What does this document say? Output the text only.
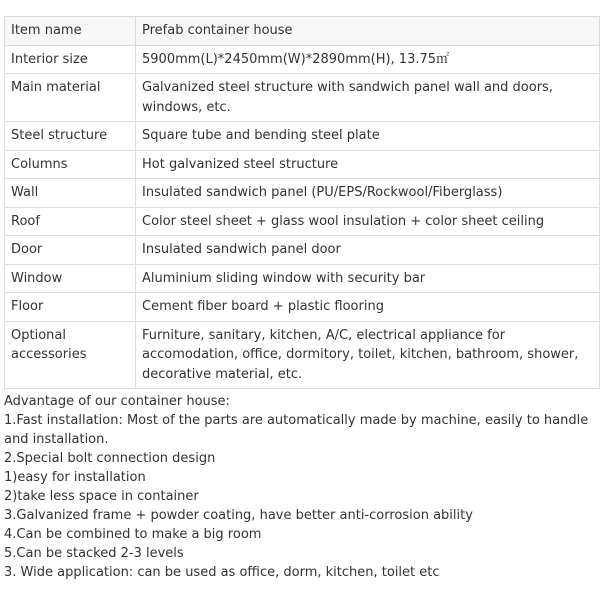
Item name	Prefab container house
Interior size	5900mm(L)*2450mm(W)*2890mm(H), 13.75㎡
Main material	Galvanized steel structure with sandwich panel wall and doors, windows, etc.
Steel structure	Square tube and bending steel plate
Columns	Hot galvanized steel structure
Wall	Insulated sandwich panel (PU/EPS/Rockwool/Fiberglass)
Roof	Color steel sheet + glass wool insulation + color sheet ceiling
Door	Insulated sandwich panel door
Window	Aluminium sliding window with security bar
Floor	Cement fiber board + plastic flooring
Optional accessories	Furniture, sanitary, kitchen, A/C, electrical appliance for accomodation, office, dormitory, toilet, kitchen, bathroom, shower, decorative material, etc.
Advantage of our container house:
1.Fast installation: Most of the parts are automatically made by machine, easily to handle and installation.
2.Special bolt connection design
1)easy for installation
2)take less space in container
3.Galvanized frame + powder coating, have better anti-corrosion ability
4.Can be combined to make a big room
5.Can be stacked 2-3 levels
3. Wide application: can be used as office, dorm, kitchen, toilet etc
